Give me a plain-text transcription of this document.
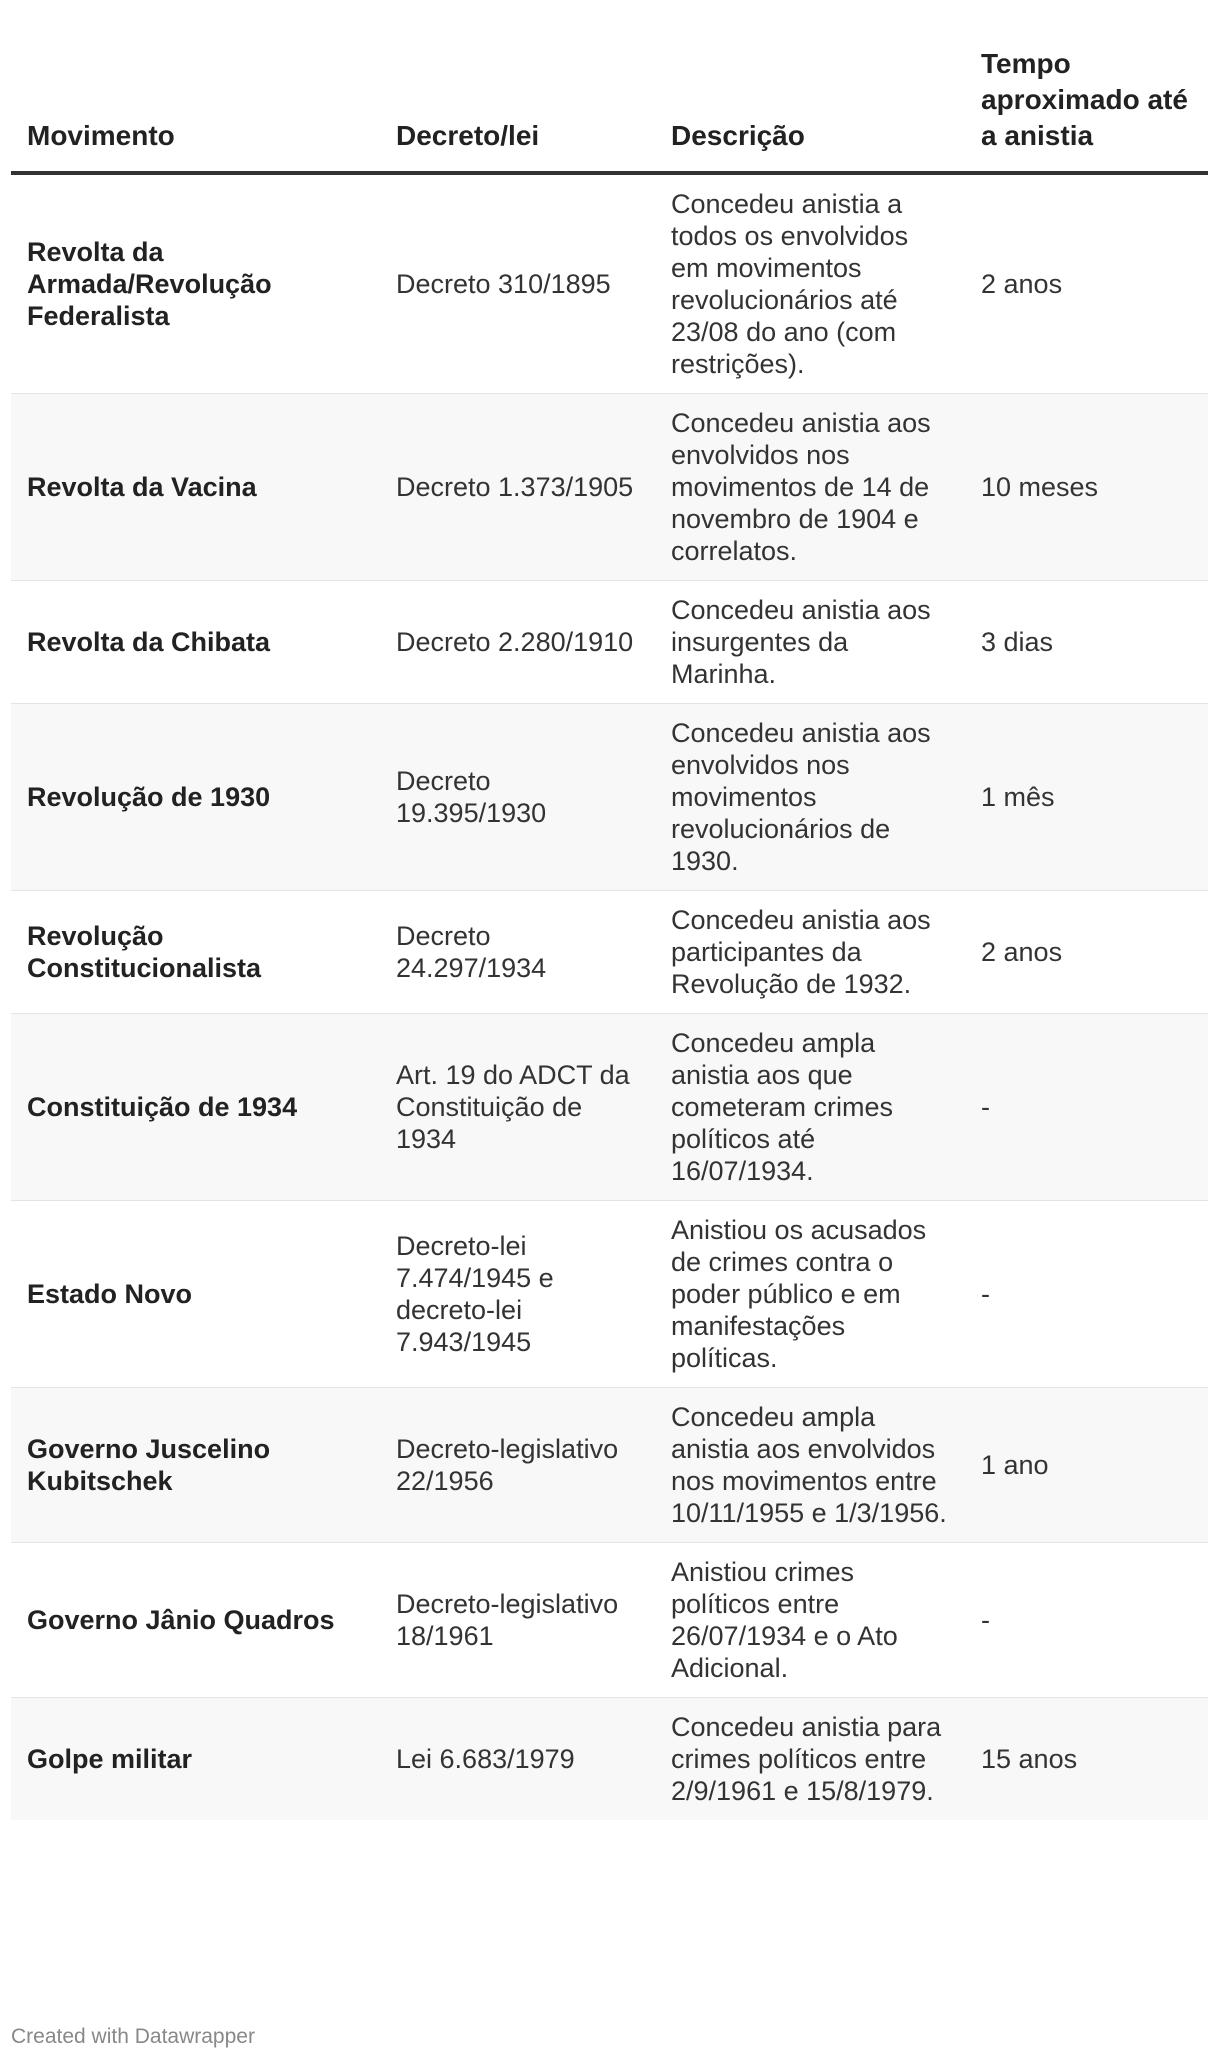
Movimento	Decreto/lei	Descrição	Tempo aproximado até a anistia
Revolta da Armada/Revolução Federalista	Decreto 310/1895	Concedeu anistia a todos os envolvidos em movimentos revolucionários até 23/08 do ano (com restrições).	2 anos
Revolta da Vacina	Decreto 1.373/1905	Concedeu anistia aos envolvidos nos movimentos de 14 de novembro de 1904 e correlatos.	10 meses
Revolta da Chibata	Decreto 2.280/1910	Concedeu anistia aos insurgentes da Marinha.	3 dias
Revolução de 1930	Decreto 19.395/1930	Concedeu anistia aos envolvidos nos movimentos revolucionários de 1930.	1 mês
Revolução Constitucionalista	Decreto 24.297/1934	Concedeu anistia aos participantes da Revolução de 1932.	2 anos
Constituição de 1934	Art. 19 do ADCT da Constituição de 1934	Concedeu ampla anistia aos que cometeram crimes políticos até 16/07/1934.	-
Estado Novo	Decreto-lei 7.474/1945 e decreto-lei 7.943/1945	Anistiou os acusados de crimes contra o poder público e em manifestações políticas.	-
Governo Juscelino Kubitschek	Decreto-legislativo 22/1956	Concedeu ampla anistia aos envolvidos nos movimentos entre 10/11/1955 e 1/3/1956.	1 ano
Governo Jânio Quadros	Decreto-legislativo 18/1961	Anistiou crimes políticos entre 26/07/1934 e o Ato Adicional.	-
Golpe militar	Lei 6.683/1979	Concedeu anistia para crimes políticos entre 2/9/1961 e 15/8/1979.	15 anos
Created with Datawrapper
